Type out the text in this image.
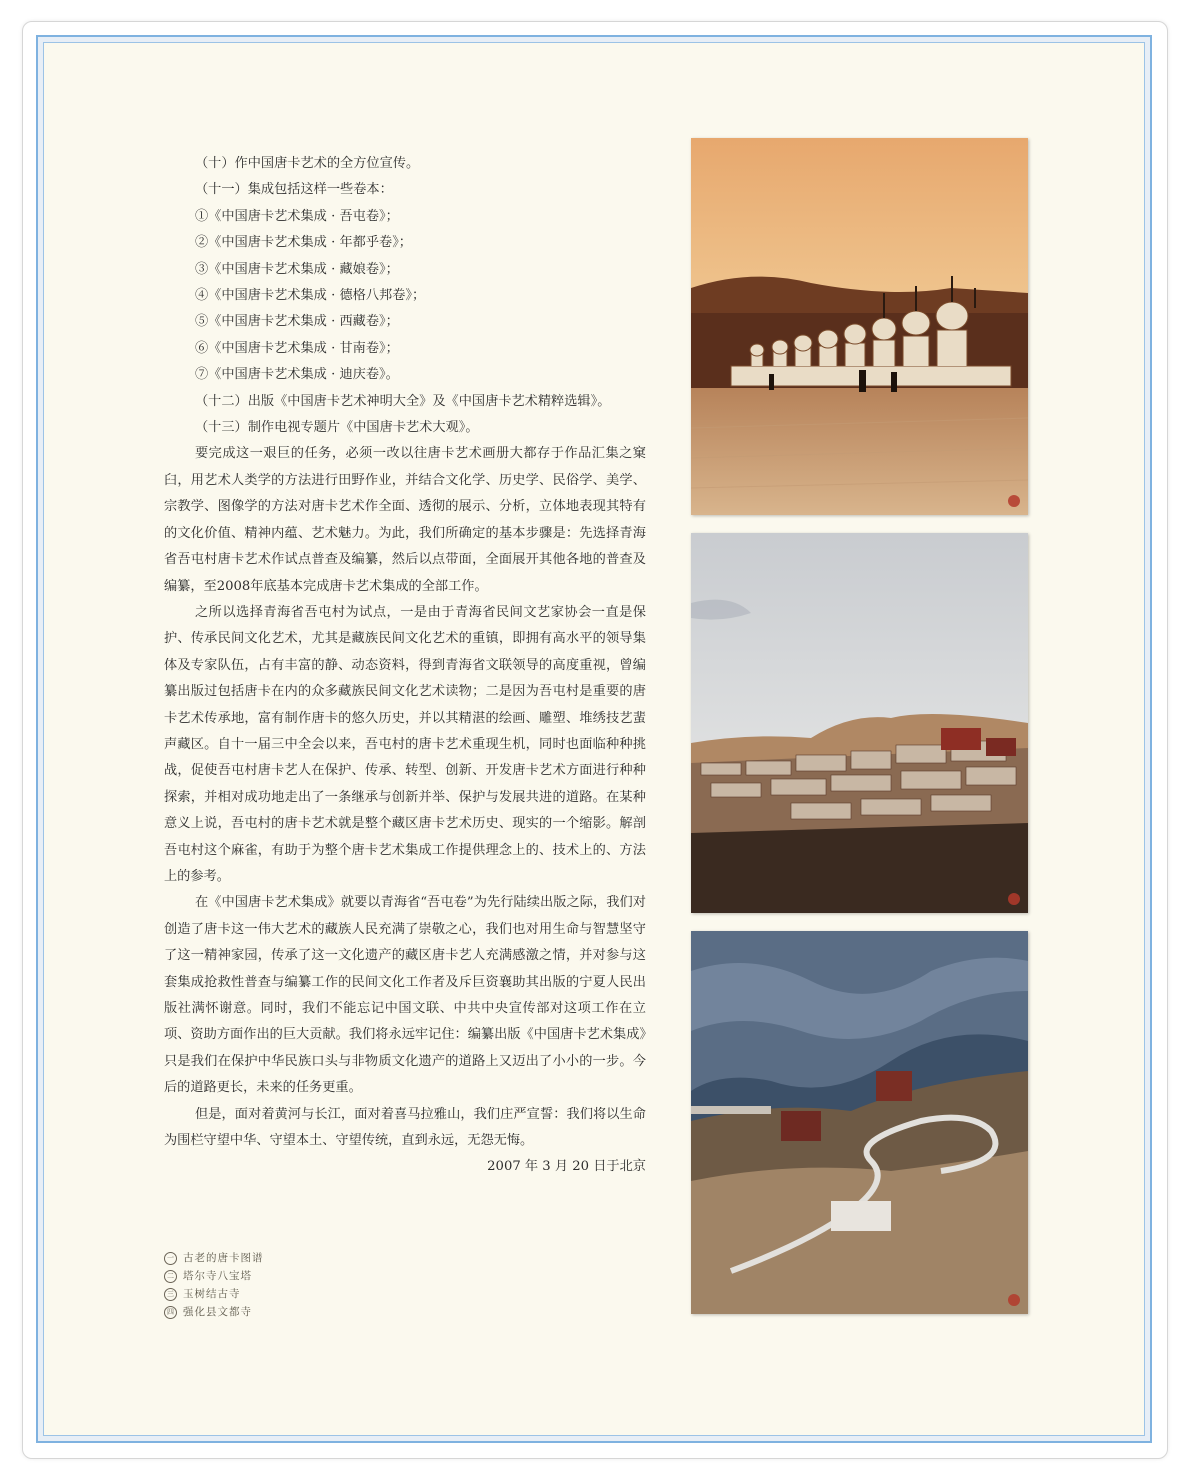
（十）作中国唐卡艺术的全方位宣传。

（十一）集成包括这样一些卷本：

①《中国唐卡艺术集成 · 吾屯卷》；

②《中国唐卡艺术集成 · 年都乎卷》；

③《中国唐卡艺术集成 · 藏娘卷》；

④《中国唐卡艺术集成 · 德格八邦卷》；

⑤《中国唐卡艺术集成 · 西藏卷》；

⑥《中国唐卡艺术集成 · 甘南卷》；

⑦《中国唐卡艺术集成 · 迪庆卷》。

（十二）出版《中国唐卡艺术神明大全》及《中国唐卡艺术精粹选辑》。

（十三）制作电视专题片《中国唐卡艺术大观》。

要完成这一艰巨的任务，必须一改以往唐卡艺术画册大都存于作品汇集之窠臼，用艺术人类学的方法进行田野作业，并结合文化学、历史学、民俗学、美学、宗教学、图像学的方法对唐卡艺术作全面、透彻的展示、分析，立体地表现其特有的文化价值、精神内蕴、艺术魅力。为此，我们所确定的基本步骤是：先选择青海省吾屯村唐卡艺术作试点普查及编纂，然后以点带面，全面展开其他各地的普查及编纂，至2008年底基本完成唐卡艺术集成的全部工作。

之所以选择青海省吾屯村为试点，一是由于青海省民间文艺家协会一直是保护、传承民间文化艺术，尤其是藏族民间文化艺术的重镇，即拥有高水平的领导集体及专家队伍，占有丰富的静、动态资料，得到青海省文联领导的高度重视，曾编纂出版过包括唐卡在内的众多藏族民间文化艺术读物；二是因为吾屯村是重要的唐卡艺术传承地，富有制作唐卡的悠久历史，并以其精湛的绘画、雕塑、堆绣技艺蜚声藏区。自十一届三中全会以来，吾屯村的唐卡艺术重现生机，同时也面临种种挑战，促使吾屯村唐卡艺人在保护、传承、转型、创新、开发唐卡艺术方面进行种种探索，并相对成功地走出了一条继承与创新并举、保护与发展共进的道路。在某种意义上说，吾屯村的唐卡艺术就是整个藏区唐卡艺术历史、现实的一个缩影。解剖吾屯村这个麻雀，有助于为整个唐卡艺术集成工作提供理念上的、技术上的、方法上的参考。

在《中国唐卡艺术集成》就要以青海省“吾屯卷”为先行陆续出版之际，我们对创造了唐卡这一伟大艺术的藏族人民充满了崇敬之心，我们也对用生命与智慧坚守了这一精神家园，传承了这一文化遗产的藏区唐卡艺人充满感激之情，并对参与这套集成抢救性普查与编纂工作的民间文化工作者及斥巨资襄助其出版的宁夏人民出版社满怀谢意。同时，我们不能忘记中国文联、中共中央宣传部对这项工作在立项、资助方面作出的巨大贡献。我们将永远牢记住：编纂出版《中国唐卡艺术集成》只是我们在保护中华民族口头与非物质文化遗产的道路上又迈出了小小的一步。今后的道路更长，未来的任务更重。

但是，面对着黄河与长江，面对着喜马拉雅山，我们庄严宣誓：我们将以生命为围栏守望中华、守望本土、守望传统，直到永远，无怨无悔。

2007 年 3 月 20 日于北京

一 古老的唐卡图谱
二 塔尔寺八宝塔
三 玉树结古寺
四 强化县文都寺
